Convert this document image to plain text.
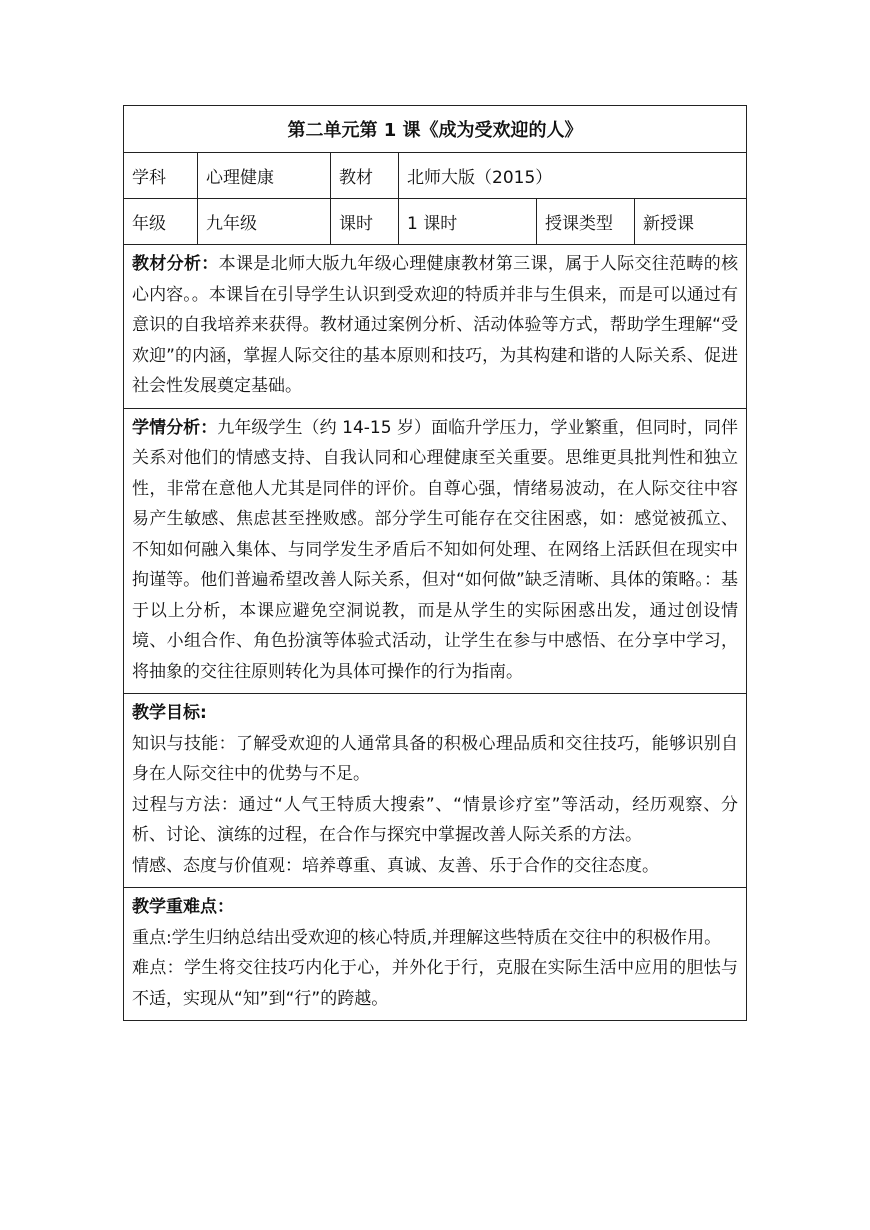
第二单元第 1 课《成为受欢迎的人》					
学科	心理健康	教材	北师大版（2015）		
年级	九年级	课时	1 课时	授课类型	新授课
教材分析：本课是北师大版九年级心理健康教材第三课，属于人际交往范畴的核心内容。。本课旨在引导学生认识到受欢迎的特质并非与生俱来，而是可以通过有意识的自我培养来获得。教材通过案例分析、活动体验等方式，帮助学生理解“受欢迎”的内涵，掌握人际交往的基本原则和技巧，为其构建和谐的人际关系、促进社会性发展奠定基础。					
学情分析：九年级学生（约 14-15 岁）面临升学压力，学业繁重，但同时，同伴关系对他们的情感支持、自我认同和心理健康至关重要。思维更具批判性和独立性，非常在意他人尤其是同伴的评价。自尊心强，情绪易波动，在人际交往中容易产生敏感、焦虑甚至挫败感。部分学生可能存在交往困惑，如：感觉被孤立、不知如何融入集体、与同学发生矛盾后不知如何处理、在网络上活跃但在现实中拘谨等。他们普遍希望改善人际关系，但对“如何做”缺乏清晰、具体的策略。：基于以上分析，本课应避免空洞说教，而是从学生的实际困惑出发，通过创设情境、小组合作、角色扮演等体验式活动，让学生在参与中感悟、在分享中学习，将抽象的交往往原则转化为具体可操作的行为指南。					

教学目标:

知识与技能：了解受欢迎的人通常具备的积极心理品质和交往技巧，能够识别自身在人际交往中的优势与不足。

过程与方法：通过“人气王特质大搜索”、“情景诊疗室”等活动，经历观察、分析、讨论、演练的过程，在合作与探究中掌握改善人际关系的方法。

情感、态度与价值观：培养尊重、真诚、友善、乐于合作的交往态度。					

教学重难点：

重点:学生归纳总结出受欢迎的核心特质,并理解这些特质在交往中的积极作用。

难点：学生将交往技巧内化于心，并外化于行，克服在实际生活中应用的胆怯与不适，实现从“知”到“行”的跨越。					
